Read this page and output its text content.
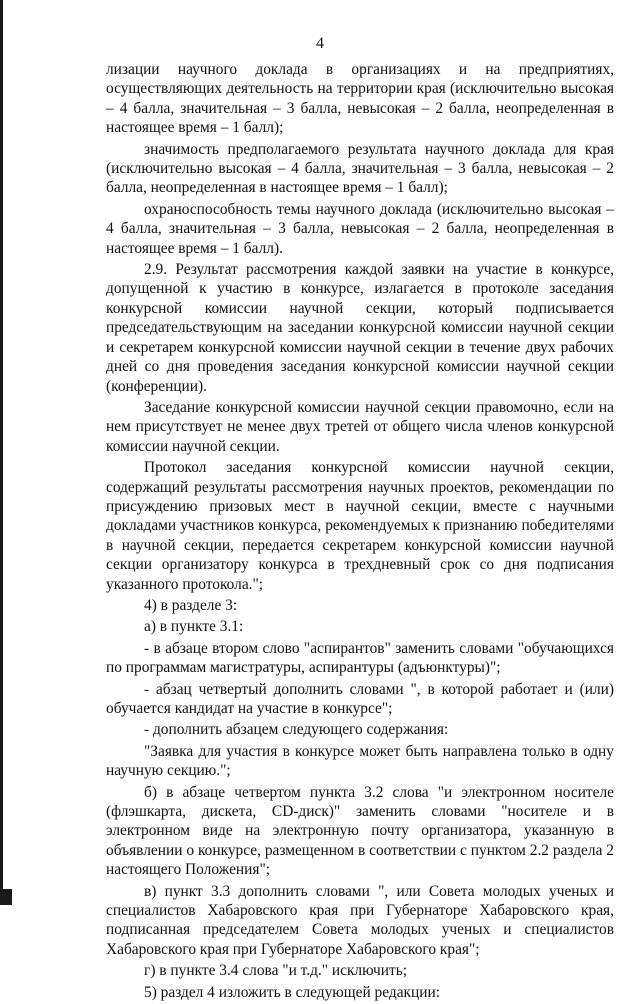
4

лизации научного доклада в организациях и на предприятиях, осуществляющих деятельность на территории края (исключительно высокая – 4 балла, значительная – 3 балла, невысокая – 2 балла, неопределенная в настоящее время – 1 балл);

значимость предполагаемого результата научного доклада для края (исключительно высокая – 4 балла, значительная – 3 балла, невысокая – 2 балла, неопределенная в настоящее время – 1 балл);

охраноспособность темы научного доклада (исключительно высокая – 4 балла, значительная – 3 балла, невысокая – 2 балла, неопределенная в настоящее время – 1 балл).

2.9. Результат рассмотрения каждой заявки на участие в конкурсе, допущенной к участию в конкурсе, излагается в протоколе заседания конкурсной комиссии научной секции, который подписывается председательствующим на заседании конкурсной комиссии научной секции и секретарем конкурсной комиссии научной секции в течение двух рабочих дней со дня проведения заседания конкурсной комиссии научной секции (конференции).

Заседание конкурсной комиссии научной секции правомочно, если на нем присутствует не менее двух третей от общего числа членов конкурсной комиссии научной секции.

Протокол заседания конкурсной комиссии научной секции, содержащий результаты рассмотрения научных проектов, рекомендации по присуждению призовых мест в научной секции, вместе с научными докладами участников конкурса, рекомендуемых к признанию победителями в научной секции, передается секретарем конкурсной комиссии научной секции организатору конкурса в трехдневный срок со дня подписания указанного протокола.";

4) в разделе 3:

а) в пункте 3.1:

- в абзаце втором слово "аспирантов" заменить словами "обучающихся по программам магистратуры, аспирантуры (адъюнктуры)";

- абзац четвертый дополнить словами ", в которой работает и (или) обучается кандидат на участие в конкурсе";

- дополнить абзацем следующего содержания:

"Заявка для участия в конкурсе может быть направлена только в одну научную секцию.";

б) в абзаце четвертом пункта 3.2 слова "и электронном носителе (флэшкарта, дискета, CD-диск)" заменить словами "носителе и в электронном виде на электронную почту организатора, указанную в объявлении о конкурсе, размещенном в соответствии с пунктом 2.2 раздела 2 настоящего Положения";

в) пункт 3.3 дополнить словами ", или Совета молодых ученых и специалистов Хабаровского края при Губернаторе Хабаровского края, подписанная председателем Совета молодых ученых и специалистов Хабаровского края при Губернаторе Хабаровского края";

г) в пункте 3.4 слова "и т.д." исключить;

5) раздел 4 изложить в следующей редакции:
